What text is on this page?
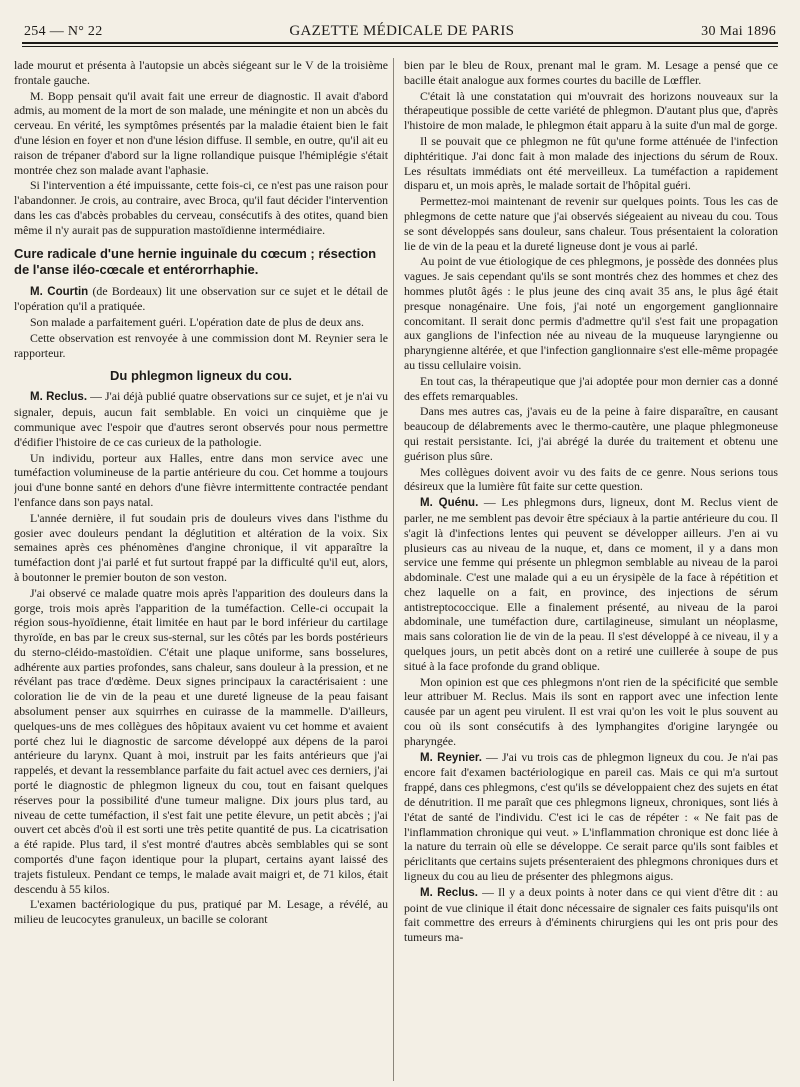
254 — N° 22	GAZETTE MÉDICALE DE PARIS	30 Mai 1896

lade mourut et présenta à l'autopsie un abcès siégeant sur le V de la troisième frontale gauche.

M. Bopp pensait qu'il avait fait une erreur de diagnostic. Il avait d'abord admis, au moment de la mort de son malade, une méningite et non un abcès du cerveau. En vérité, les symptômes présentés par la maladie étaient bien le fait d'une lésion en foyer et non d'une lésion diffuse. Il semble, en outre, qu'il ait eu raison de trépaner d'abord sur la ligne rollandique puisque l'hémiplégie s'était montrée chez son malade avant l'aphasie.

Si l'intervention a été impuissante, cette fois-ci, ce n'est pas une raison pour l'abandonner. Je crois, au contraire, avec Broca, qu'il faut décider l'intervention dans les cas d'abcès probables du cerveau, consécutifs à des otites, quand bien même il n'y aurait pas de suppuration mastoïdienne intermédiaire.

Cure radicale d'une hernie inguinale du cœcum ; résection de l'anse iléo-cœcale et entérorrhaphie.

M. Courtin (de Bordeaux) lit une observation sur ce sujet et le détail de l'opération qu'il a pratiquée.

Son malade a parfaitement guéri. L'opération date de plus de deux ans.

Cette observation est renvoyée à une commission dont M. Reynier sera le rapporteur.

Du phlegmon ligneux du cou.

M. Reclus. — J'ai déjà publié quatre observations sur ce sujet, et je n'ai vu signaler, depuis, aucun fait semblable. En voici un cinquième que je communique avec l'espoir que d'autres seront observés pour nous permettre d'édifier l'histoire de ce cas curieux de la pathologie.

Un individu, porteur aux Halles, entre dans mon service avec une tuméfaction volumineuse de la partie antérieure du cou. Cet homme a toujours joui d'une bonne santé en dehors d'une fièvre intermittente contractée pendant l'enfance dans son pays natal.

L'année dernière, il fut soudain pris de douleurs vives dans l'isthme du gosier avec douleurs pendant la déglutition et altération de la voix. Six semaines après ces phénomènes d'angine chronique, il vit apparaître la tuméfaction dont j'ai parlé et fut surtout frappé par la difficulté qu'il eut, alors, à boutonner le premier bouton de son veston.

J'ai observé ce malade quatre mois après l'apparition des douleurs dans la gorge, trois mois après l'apparition de la tuméfaction. Celle-ci occupait la région sous-hyoïdienne, était limitée en haut par le bord inférieur du cartilage thyroïde, en bas par le creux sus-sternal, sur les côtés par les bords postérieurs du sterno-cléido-mastoïdien. C'était une plaque uniforme, sans bosselures, adhérente aux parties profondes, sans chaleur, sans douleur à la pression, et ne révélant pas trace d'œdème. Deux signes principaux la caractérisaient : une coloration lie de vin de la peau et une dureté ligneuse de la peau faisant absolument penser aux squirrhes en cuirasse de la mammelle. D'ailleurs, quelques-uns de mes collègues des hôpitaux avaient vu cet homme et avaient porté chez lui le diagnostic de sarcome développé aux dépens de la paroi antérieure du larynx. Quant à moi, instruit par les faits antérieurs que j'ai rappelés, et devant la ressemblance parfaite du fait actuel avec ces derniers, j'ai porté le diagnostic de phlegmon ligneux du cou, tout en faisant quelques réserves pour la possibilité d'une tumeur maligne. Dix jours plus tard, au niveau de cette tuméfaction, il s'est fait une petite élevure, un petit abcès ; j'ai ouvert cet abcès d'où il est sorti une très petite quantité de pus. La cicatrisation a été rapide. Plus tard, il s'est montré d'autres abcès semblables qui se sont comportés d'une façon identique pour la plupart, certains ayant laissé des trajets fistuleux. Pendant ce temps, le malade avait maigri et, de 71 kilos, était descendu à 55 kilos.

L'examen bactériologique du pus, pratiqué par M. Lesage, a révélé, au milieu de leucocytes granuleux, un bacille se colorant

bien par le bleu de Roux, prenant mal le gram. M. Lesage a pensé que ce bacille était analogue aux formes courtes du bacille de Lœffler.

C'était là une constatation qui m'ouvrait des horizons nouveaux sur la thérapeutique possible de cette variété de phlegmon. D'autant plus que, d'après l'histoire de mon malade, le phlegmon était apparu à la suite d'un mal de gorge.

Il se pouvait que ce phlegmon ne fût qu'une forme atténuée de l'infection diphtéritique. J'ai donc fait à mon malade des injections du sérum de Roux. Les résultats immédiats ont été merveilleux. La tuméfaction a rapidement disparu et, un mois après, le malade sortait de l'hôpital guéri.

Permettez-moi maintenant de revenir sur quelques points. Tous les cas de phlegmons de cette nature que j'ai observés siégeaient au niveau du cou. Tous se sont développés sans douleur, sans chaleur. Tous présentaient la coloration lie de vin de la peau et la dureté ligneuse dont je vous ai parlé.

Au point de vue étiologique de ces phlegmons, je possède des données plus vagues. Je sais cependant qu'ils se sont montrés chez des hommes et chez des hommes plutôt âgés : le plus jeune des cinq avait 35 ans, le plus âgé était presque nonagénaire. Une fois, j'ai noté un engorgement ganglionnaire concomitant. Il serait donc permis d'admettre qu'il s'est fait une propagation aux ganglions de l'infection née au niveau de la muqueuse laryngienne ou pharyngienne altérée, et que l'infection ganglionnaire s'est elle-même propagée au tissu cellulaire voisin.

En tout cas, la thérapeutique que j'ai adoptée pour mon dernier cas a donné des effets remarquables.

Dans mes autres cas, j'avais eu de la peine à faire disparaître, en causant beaucoup de délabrements avec le thermo-cautère, une plaque phlegmoneuse qui restait persistante. Ici, j'ai abrégé la durée du traitement et obtenu une guérison plus sûre.

Mes collègues doivent avoir vu des faits de ce genre. Nous serions tous désireux que la lumière fût faite sur cette question.

M. Quénu. — Les phlegmons durs, ligneux, dont M. Reclus vient de parler, ne me semblent pas devoir être spéciaux à la partie antérieure du cou. Il s'agit là d'infections lentes qui peuvent se développer ailleurs. J'en ai vu plusieurs cas au niveau de la nuque, et, dans ce moment, il y a dans mon service une femme qui présente un phlegmon semblable au niveau de la paroi abdominale. C'est une malade qui a eu un érysipèle de la face à répétition et chez laquelle on a fait, en province, des injections de sérum antistreptococcique. Elle a finalement présenté, au niveau de la paroi abdominale, une tuméfaction dure, cartilagineuse, simulant un néoplasme, mais sans coloration lie de vin de la peau. Il s'est développé à ce niveau, il y a quelques jours, un petit abcès dont on a retiré une cuillerée à soupe de pus situé à la face profonde du grand oblique.

Mon opinion est que ces phlegmons n'ont rien de la spécificité que semble leur attribuer M. Reclus. Mais ils sont en rapport avec une infection lente causée par un agent peu virulent. Il est vrai qu'on les voit le plus souvent au cou où ils sont consécutifs à des lymphangites d'origine laryngée ou pharyngée.

M. Reynier. — J'ai vu trois cas de phlegmon ligneux du cou. Je n'ai pas encore fait d'examen bactériologique en pareil cas. Mais ce qui m'a surtout frappé, dans ces phlegmons, c'est qu'ils se développaient chez des sujets en état de dénutrition. Il me paraît que ces phlegmons ligneux, chroniques, sont liés à l'état de santé de l'individu. C'est ici le cas de répéter : « Ne fait pas de l'inflammation chronique qui veut. » L'inflammation chronique est donc liée à la nature du terrain où elle se développe. Ce serait parce qu'ils sont faibles et périclitants que certains sujets présenteraient des phlegmons chroniques durs et ligneux du cou au lieu de présenter des phlegmons aigus.

M. Reclus. — Il y a deux points à noter dans ce qui vient d'être dit : au point de vue clinique il était donc nécessaire de signaler ces faits puisqu'ils ont fait commettre des erreurs à d'éminents chirurgiens qui les ont pris pour des tumeurs ma-
